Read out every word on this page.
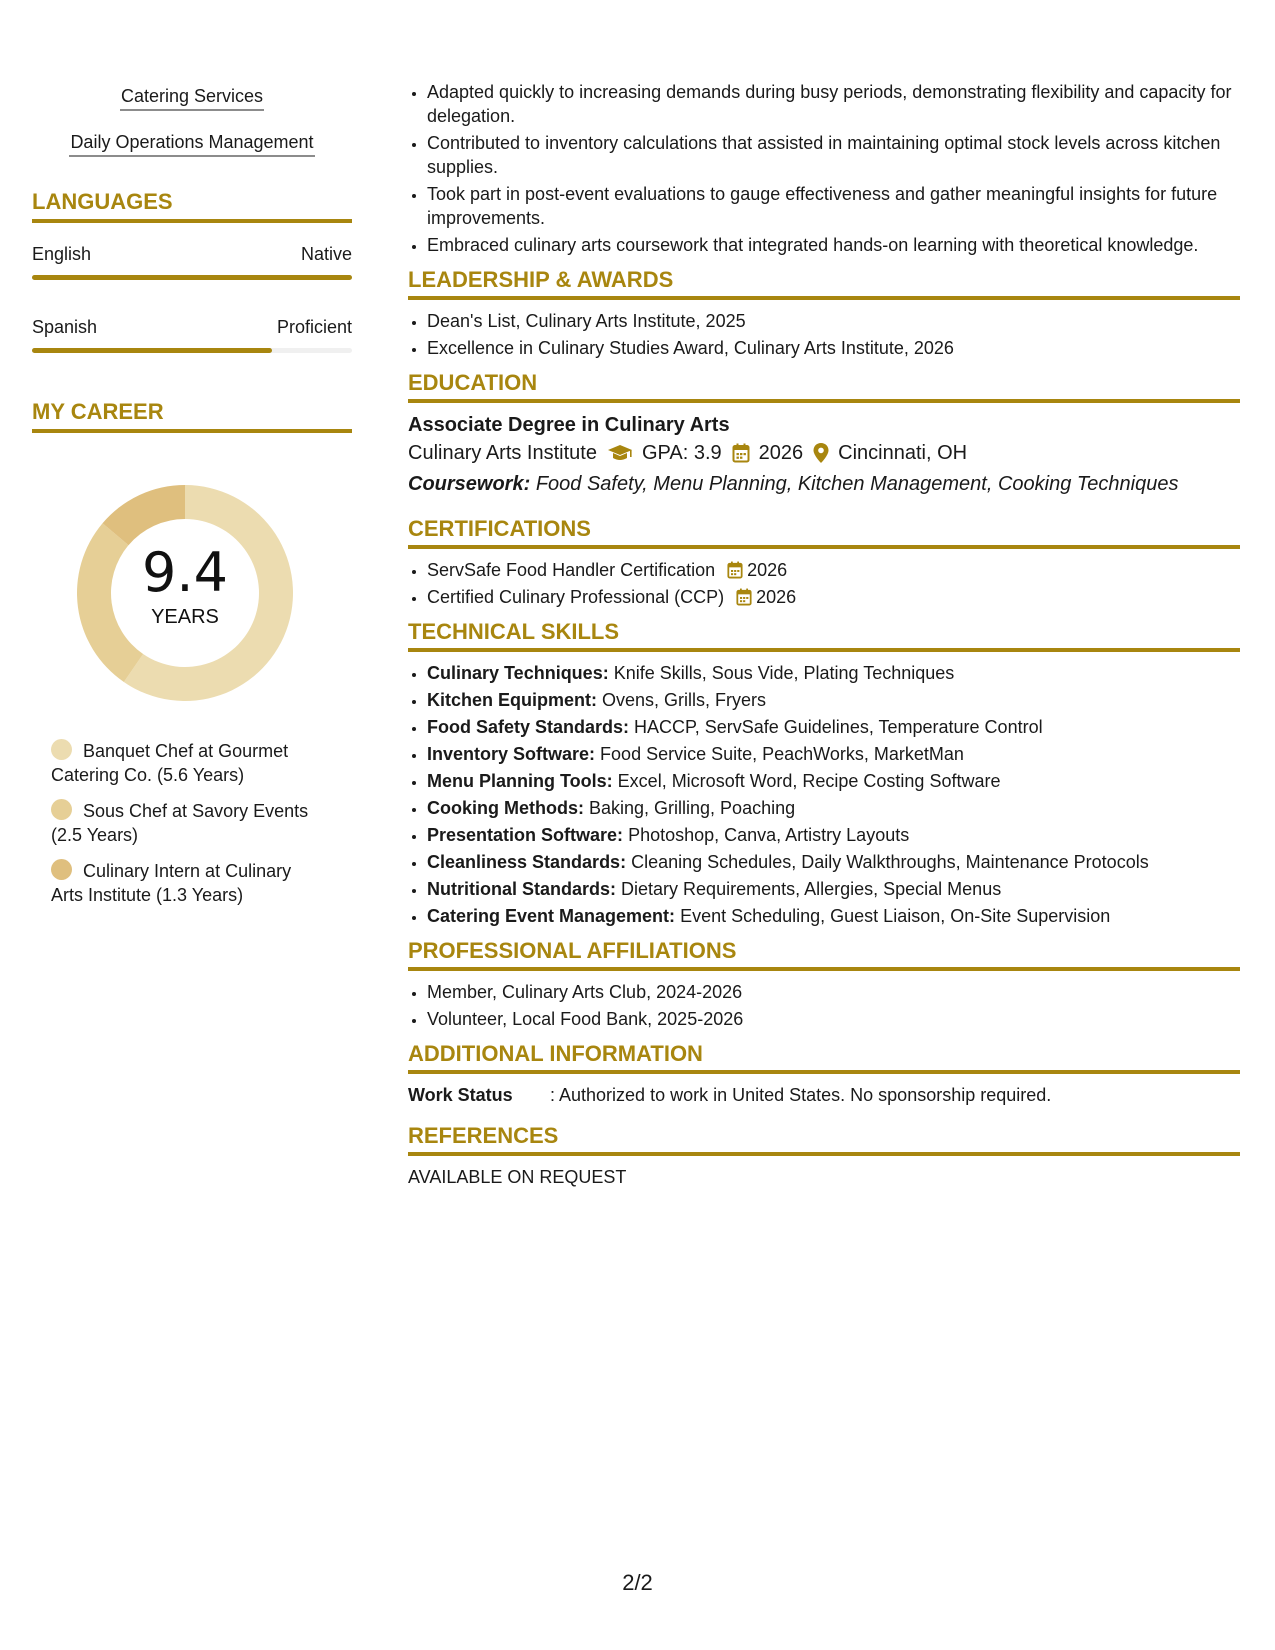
Catering Services
Daily Operations Management
LANGUAGES
English	Native
Spanish	Proficient
MY CAREER
9.4
YEARS
Banquet Chef at Gourmet Catering Co. (5.6 Years)
Sous Chef at Savory Events (2.5 Years)
Culinary Intern at Culinary Arts Institute (1.3 Years)
• Adapted quickly to increasing demands during busy periods, demonstrating flexibility and capacity for delegation.
• Contributed to inventory calculations that assisted in maintaining optimal stock levels across kitchen supplies.
• Took part in post-event evaluations to gauge effectiveness and gather meaningful insights for future improvements.
• Embraced culinary arts coursework that integrated hands-on learning with theoretical knowledge.
LEADERSHIP & AWARDS
• Dean's List, Culinary Arts Institute, 2025
• Excellence in Culinary Studies Award, Culinary Arts Institute, 2026
EDUCATION
Associate Degree in Culinary Arts
Culinary Arts Institute GPA: 3.9 2026 Cincinnati, OH
Coursework: Food Safety, Menu Planning, Kitchen Management, Cooking Techniques
CERTIFICATIONS
• ServSafe Food Handler Certification 2026
• Certified Culinary Professional (CCP) 2026
TECHNICAL SKILLS
• Culinary Techniques: Knife Skills, Sous Vide, Plating Techniques
• Kitchen Equipment: Ovens, Grills, Fryers
• Food Safety Standards: HACCP, ServSafe Guidelines, Temperature Control
• Inventory Software: Food Service Suite, PeachWorks, MarketMan
• Menu Planning Tools: Excel, Microsoft Word, Recipe Costing Software
• Cooking Methods: Baking, Grilling, Poaching
• Presentation Software: Photoshop, Canva, Artistry Layouts
• Cleanliness Standards: Cleaning Schedules, Daily Walkthroughs, Maintenance Protocols
• Nutritional Standards: Dietary Requirements, Allergies, Special Menus
• Catering Event Management: Event Scheduling, Guest Liaison, On-Site Supervision
PROFESSIONAL AFFILIATIONS
• Member, Culinary Arts Club, 2024-2026
• Volunteer, Local Food Bank, 2025-2026
ADDITIONAL INFORMATION
Work Status	: Authorized to work in United States. No sponsorship required.
REFERENCES
AVAILABLE ON REQUEST
2/2
